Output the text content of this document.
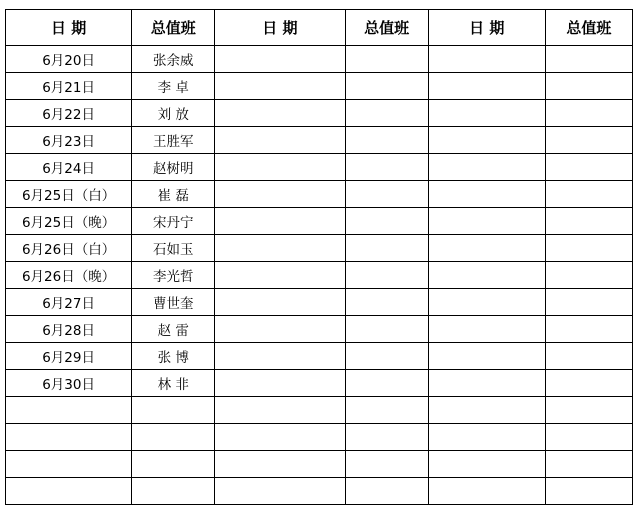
日 期	总值班	日 期	总值班	日 期	总值班
6月20日	张余威				
6月21日	李 卓				
6月22日	刘 放				
6月23日	王胜军				
6月24日	赵树明				
6月25日（白）	崔 磊				
6月25日（晚）	宋丹宁				
6月26日（白）	石如玉				
6月26日（晚）	李光哲				
6月27日	曹世奎				
6月28日	赵 雷				
6月29日	张 博				
6月30日	林 非				
